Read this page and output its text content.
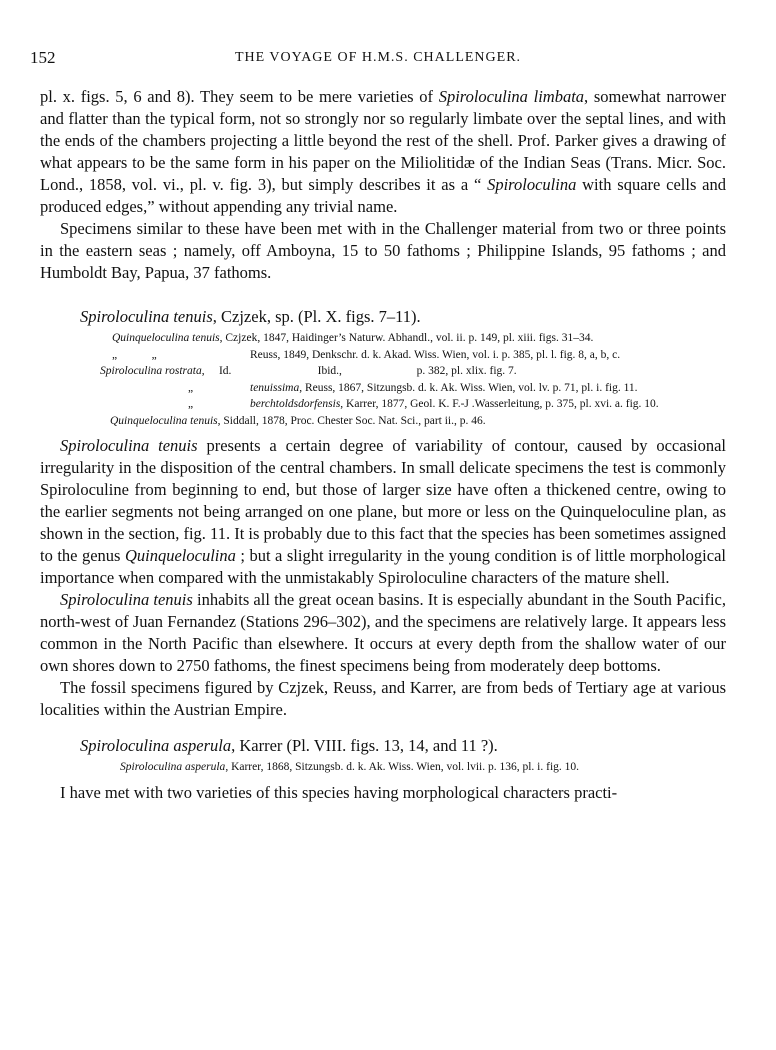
152	THE VOYAGE OF H.M.S. CHALLENGER.

pl. x. figs. 5, 6 and 8). They seem to be mere varieties of Spiroloculina limbata, somewhat narrower and flatter than the typical form, not so strongly nor so regularly limbate over the septal lines, and with the ends of the chambers projecting a little beyond the rest of the shell. Prof. Parker gives a drawing of what appears to be the same form in his paper on the Miliolitidæ of the Indian Seas (Trans. Micr. Soc. Lond., 1858, vol. vi., pl. v. fig. 3), but simply describes it as a “ Spiroloculina with square cells and produced edges,” without appending any trivial name.

Specimens similar to these have been met with in the Challenger material from two or three points in the eastern seas ; namely, off Amboyna, 15 to 50 fathoms ; Philippine Islands, 95 fathoms ; and Humboldt Bay, Papua, 37 fathoms.

Spiroloculina tenuis, Czjzek, sp. (Pl. X. figs. 7–11).
Quinqueloculina tenuis, Czjzek, 1847, Haidinger’s Naturw. Abhandl., vol. ii. p. 149, pl. xiii. figs. 31–34.
„            „	Reuss, 1849, Denkschr. d. k. Akad. Wiss. Wien, vol. i. p. 385, pl. l. fig. 8, a, b, c.
Spiroloculina rostrata,     Id.                              Ibid.,                          p. 382, pl. xlix. fig. 7.
„	tenuissima, Reuss, 1867, Sitzungsb. d. k. Ak. Wiss. Wien, vol. lv. p. 71, pl. i. fig. 11.
„	berchtoldsdorfensis, Karrer, 1877, Geol. K. F.-J .Wasserleitung, p. 375, pl. xvi. a. fig. 10.
Quinqueloculina tenuis, Siddall, 1878, Proc. Chester Soc. Nat. Sci., part ii., p. 46.

Spiroloculina tenuis presents a certain degree of variability of contour, caused by occasional irregularity in the disposition of the central chambers. In small delicate specimens the test is commonly Spiroloculine from beginning to end, but those of larger size have often a thickened centre, owing to the earlier segments not being arranged on one plane, but more or less on the Quinqueloculine plan, as shown in the section, fig. 11. It is probably due to this fact that the species has been sometimes assigned to the genus Quinqueloculina ; but a slight irregularity in the young condition is of little morphological importance when compared with the unmistakably Spiroloculine characters of the mature shell.

Spiroloculina tenuis inhabits all the great ocean basins. It is especially abundant in the South Pacific, north-west of Juan Fernandez (Stations 296–302), and the specimens are relatively large. It appears less common in the North Pacific than elsewhere. It occurs at every depth from the shallow water of our own shores down to 2750 fathoms, the finest specimens being from moderately deep bottoms.

The fossil specimens figured by Czjzek, Reuss, and Karrer, are from beds of Tertiary age at various localities within the Austrian Empire.

Spiroloculina asperula, Karrer (Pl. VIII. figs. 13, 14, and 11 ?).
Spiroloculina asperula, Karrer, 1868, Sitzungsb. d. k. Ak. Wiss. Wien, vol. lvii. p. 136, pl. i. fig. 10.

I have met with two varieties of this species having morphological characters practi-
